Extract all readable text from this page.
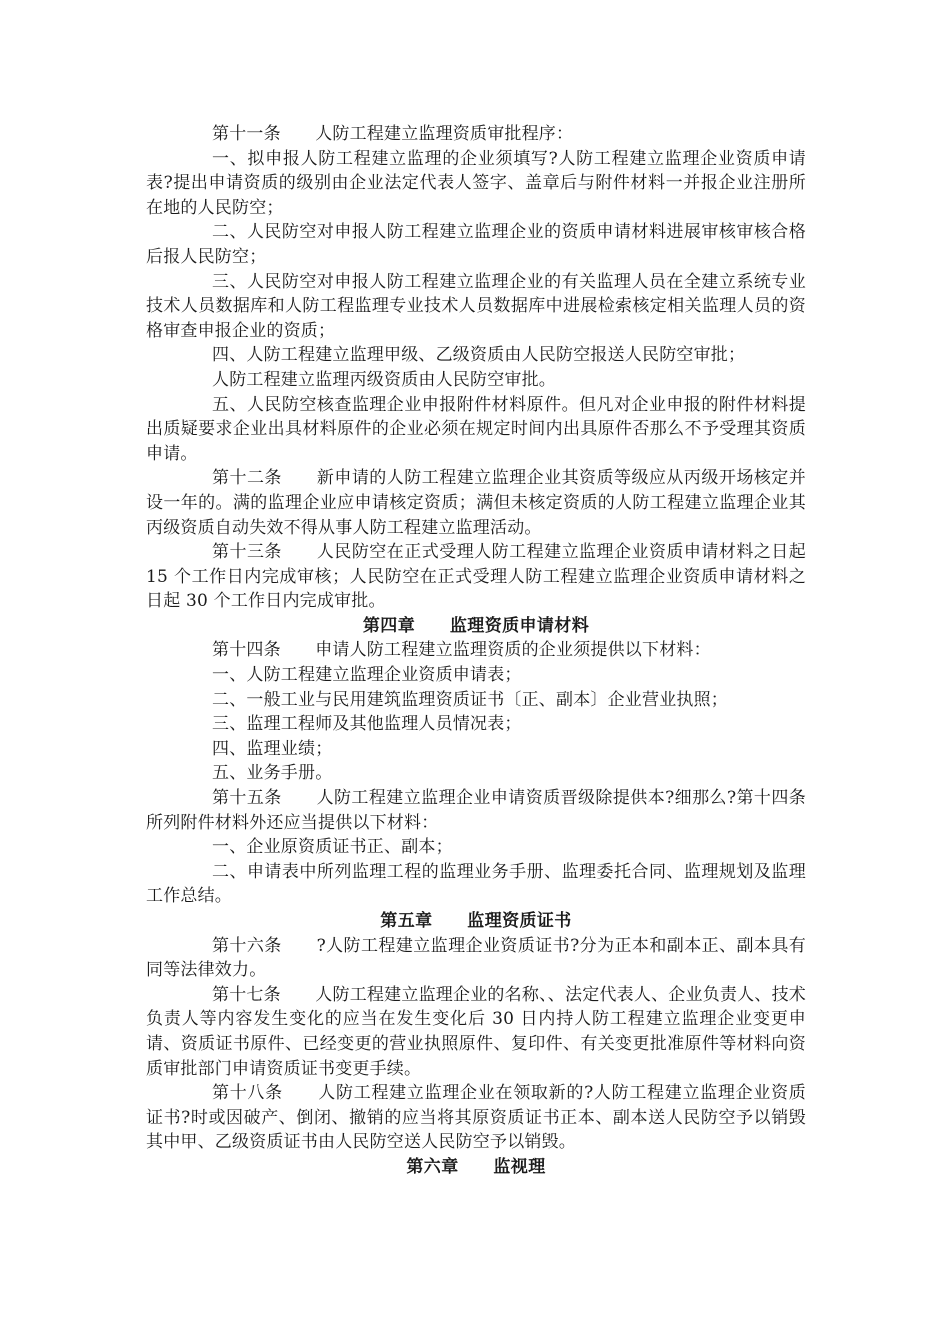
第十一条　　人防工程建立监理资质审批程序：

一、拟申报人防工程建立监理的企业须填写?人防工程建立监理企业资质申请表?提出申请资质的级别由企业法定代表人签字、盖章后与附件材料一并报企业注册所在地的人民防空；

二、人民防空对申报人防工程建立监理企业的资质申请材料进展审核审核合格后报人民防空；

三、人民防空对申报人防工程建立监理企业的有关监理人员在全建立系统专业技术人员数据库和人防工程监理专业技术人员数据库中进展检索核定相关监理人员的资格审查申报企业的资质；

四、人防工程建立监理甲级、乙级资质由人民防空报送人民防空审批；

人防工程建立监理丙级资质由人民防空审批。

五、人民防空核查监理企业申报附件材料原件。但凡对企业申报的附件材料提出质疑要求企业出具材料原件的企业必须在规定时间内出具原件否那么不予受理其资质申请。

第十二条　　新申请的人防工程建立监理企业其资质等级应从丙级开场核定并设一年的。满的监理企业应申请核定资质；满但未核定资质的人防工程建立监理企业其丙级资质自动失效不得从事人防工程建立监理活动。

第十三条　　人民防空在正式受理人防工程建立监理企业资质申请材料之日起 15 个工作日内完成审核；人民防空在正式受理人防工程建立监理企业资质申请材料之日起 30 个工作日内完成审批。

第四章　　监理资质申请材料

第十四条　　申请人防工程建立监理资质的企业须提供以下材料：

一、人防工程建立监理企业资质申请表；

二、一般工业与民用建筑监理资质证书〔正、副本〕企业营业执照；

三、监理工程师及其他监理人员情况表；

四、监理业绩；

五、业务手册。

第十五条　　人防工程建立监理企业申请资质晋级除提供本?细那么?第十四条所列附件材料外还应当提供以下材料：

一、企业原资质证书正、副本；

二、申请表中所列监理工程的监理业务手册、监理委托合同、监理规划及监理工作总结。

第五章　　监理资质证书

第十六条　　?人防工程建立监理企业资质证书?分为正本和副本正、副本具有同等法律效力。

第十七条　　人防工程建立监理企业的名称、、法定代表人、企业负责人、技术负责人等内容发生变化的应当在发生变化后 30 日内持人防工程建立监理企业变更申请、资质证书原件、已经变更的营业执照原件、复印件、有关变更批准原件等材料向资质审批部门申请资质证书变更手续。

第十八条　　人防工程建立监理企业在领取新的?人防工程建立监理企业资质证书?时或因破产、倒闭、撤销的应当将其原资质证书正本、副本送人民防空予以销毁其中甲、乙级资质证书由人民防空送人民防空予以销毁。

第六章　　监视理
